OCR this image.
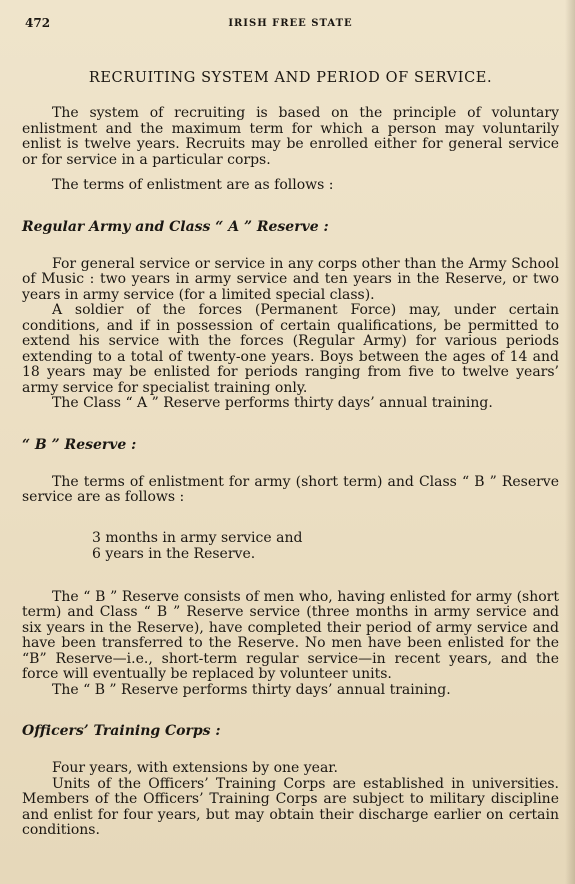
472	IRISH FREE STATE
RECRUITING SYSTEM AND PERIOD OF SERVICE.

The system of recruiting is based on the principle of voluntary enlistment and the maximum term for which a person may voluntarily enlist is twelve years. Recruits may be enrolled either for general service or for service in a particular corps.

The terms of enlistment are as follows :

Regular Army and Class “ A ” Reserve :

For general service or service in any corps other than the Army School of Music : two years in army service and ten years in the Reserve, or two years in army service (for a limited special class).

A soldier of the forces (Permanent Force) may, under certain conditions, and if in possession of certain qualifications, be permitted to extend his service with the forces (Regular Army) for various periods extending to a total of twenty-one years. Boys between the ages of 14 and 18 years may be enlisted for periods ranging from five to twelve years’ army service for specialist training only.

The Class “ A ” Reserve performs thirty days’ annual training.

“ B ” Reserve :

The terms of enlistment for army (short term) and Class “ B ” Reserve service are as follows :

3 months in army service and
6 years in the Reserve.

The “ B ” Reserve consists of men who, having enlisted for army (short term) and Class “ B ” Reserve service (three months in army service and six years in the Reserve), have completed their period of army service and have been transferred to the Reserve. No men have been enlisted for the “B” Reserve—i.e., short-term regular service—in recent years, and the force will eventually be replaced by volunteer units.

The “ B ” Reserve performs thirty days’ annual training.

Officers’ Training Corps :

Four years, with extensions by one year.

Units of the Officers’ Training Corps are established in universities. Members of the Officers’ Training Corps are subject to military discipline and enlist for four years, but may obtain their discharge earlier on certain conditions.
